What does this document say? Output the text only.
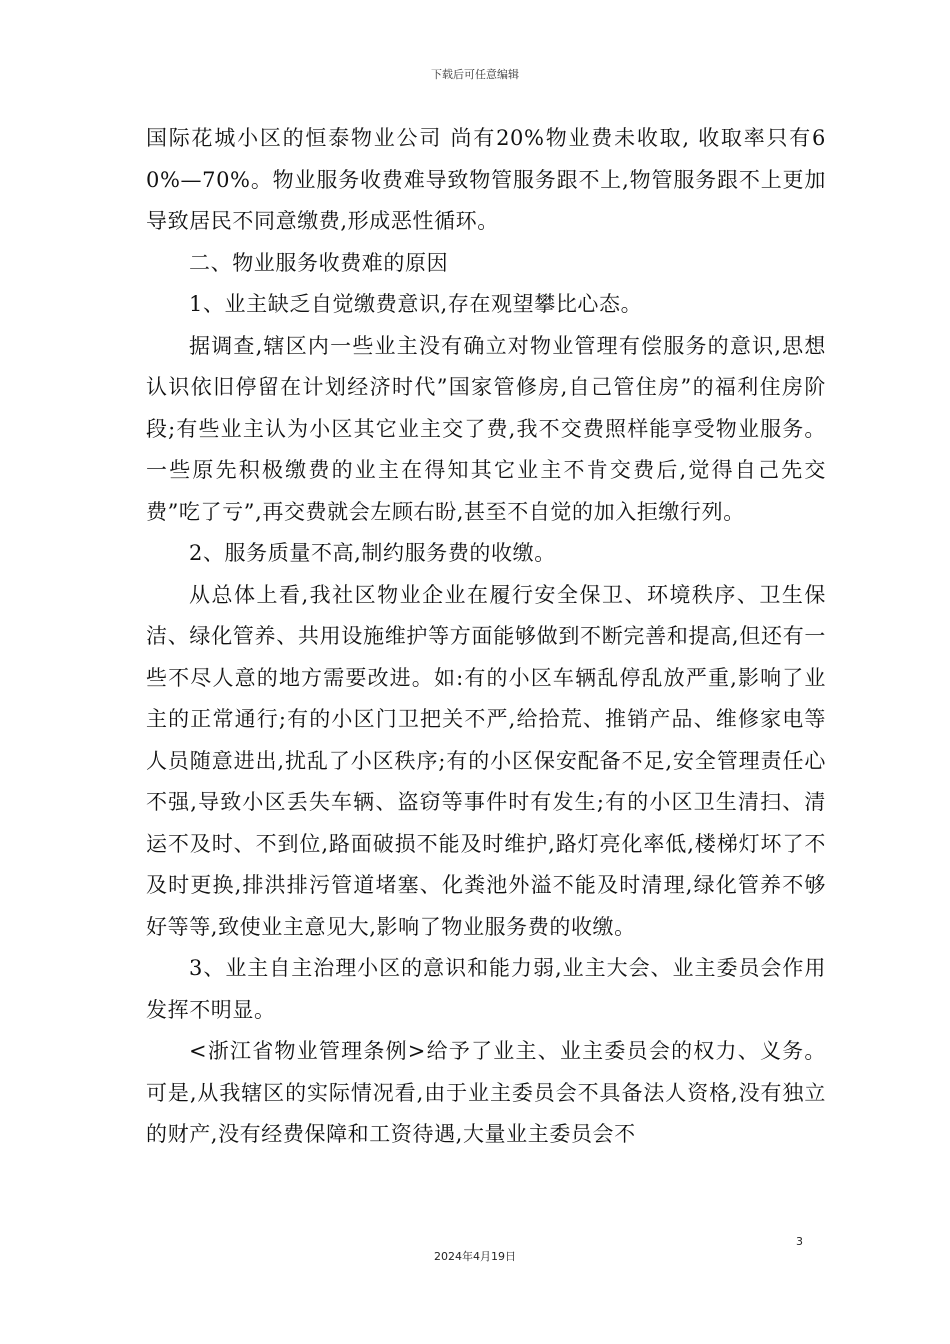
下载后可任意编辑

国际花城小区的恒泰物业公司 尚有20%物业费未收取, 收取率只有60%—70%。物业服务收费难导致物管服务跟不上,物管服务跟不上更加导致居民不同意缴费,形成恶性循环。

二、物业服务收费难的原因

1、业主缺乏自觉缴费意识,存在观望攀比心态。

据调查,辖区内一些业主没有确立对物业管理有偿服务的意识,思想认识依旧停留在计划经济时代”国家管修房,自己管住房”的福利住房阶段;有些业主认为小区其它业主交了费,我不交费照样能享受物业服务。一些原先积极缴费的业主在得知其它业主不肯交费后,觉得自己先交费”吃了亏”,再交费就会左顾右盼,甚至不自觉的加入拒缴行列。

2、服务质量不高,制约服务费的收缴。

从总体上看,我社区物业企业在履行安全保卫、环境秩序、卫生保洁、绿化管养、共用设施维护等方面能够做到不断完善和提高,但还有一些不尽人意的地方需要改进。如:有的小区车辆乱停乱放严重,影响了业主的正常通行;有的小区门卫把关不严,给拾荒、推销产品、维修家电等人员随意进出,扰乱了小区秩序;有的小区保安配备不足,安全管理责任心不强,导致小区丢失车辆、盗窃等事件时有发生;有的小区卫生清扫、清运不及时、不到位,路面破损不能及时维护,路灯亮化率低,楼梯灯坏了不及时更换,排洪排污管道堵塞、化粪池外溢不能及时清理,绿化管养不够好等等,致使业主意见大,影响了物业服务费的收缴。

3、业主自主治理小区的意识和能力弱,业主大会、业主委员会作用发挥不明显。

<浙江省物业管理条例>给予了业主、业主委员会的权力、义务。可是,从我辖区的实际情况看,由于业主委员会不具备法人资格,没有独立的财产,没有经费保障和工资待遇,大量业主委员会不

3
2024年4月19日
